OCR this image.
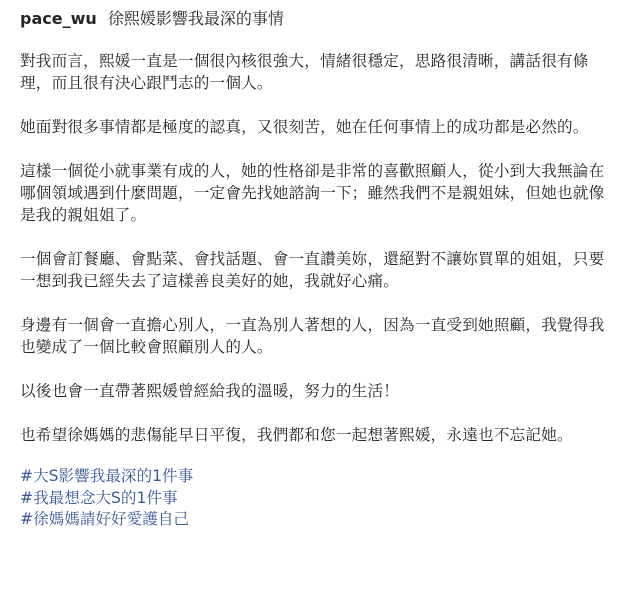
pace_wu 徐熙媛影響我最深的事情

對我而言，熙媛一直是一個很內核很強大，情緒很穩定，思路很清晰，講話很有條理，而且很有決心跟鬥志的一個人。

她面對很多事情都是極度的認真，又很刻苦，她在任何事情上的成功都是必然的。

這樣一個從小就事業有成的人，她的性格卻是非常的喜歡照顧人，從小到大我無論在哪個領域遇到什麼問題，一定會先找她諮詢一下；雖然我們不是親姐妹，但她也就像是我的親姐姐了。

一個會訂餐廳、會點菜、會找話題、會一直讚美妳，還絕對不讓妳買單的姐姐，只要一想到我已經失去了這樣善良美好的她，我就好心痛。

身邊有一個會一直擔心別人，一直為別人著想的人，因為一直受到她照顧，我覺得我也變成了一個比較會照顧別人的人。

以後也會一直帶著熙媛曾經給我的溫暖，努力的生活！

也希望徐媽媽的悲傷能早日平復，我們都和您一起想著熙媛，永遠也不忘記她。

#大S影響我最深的1件事
#我最想念大S的1件事
#徐媽媽請好好愛護自己
